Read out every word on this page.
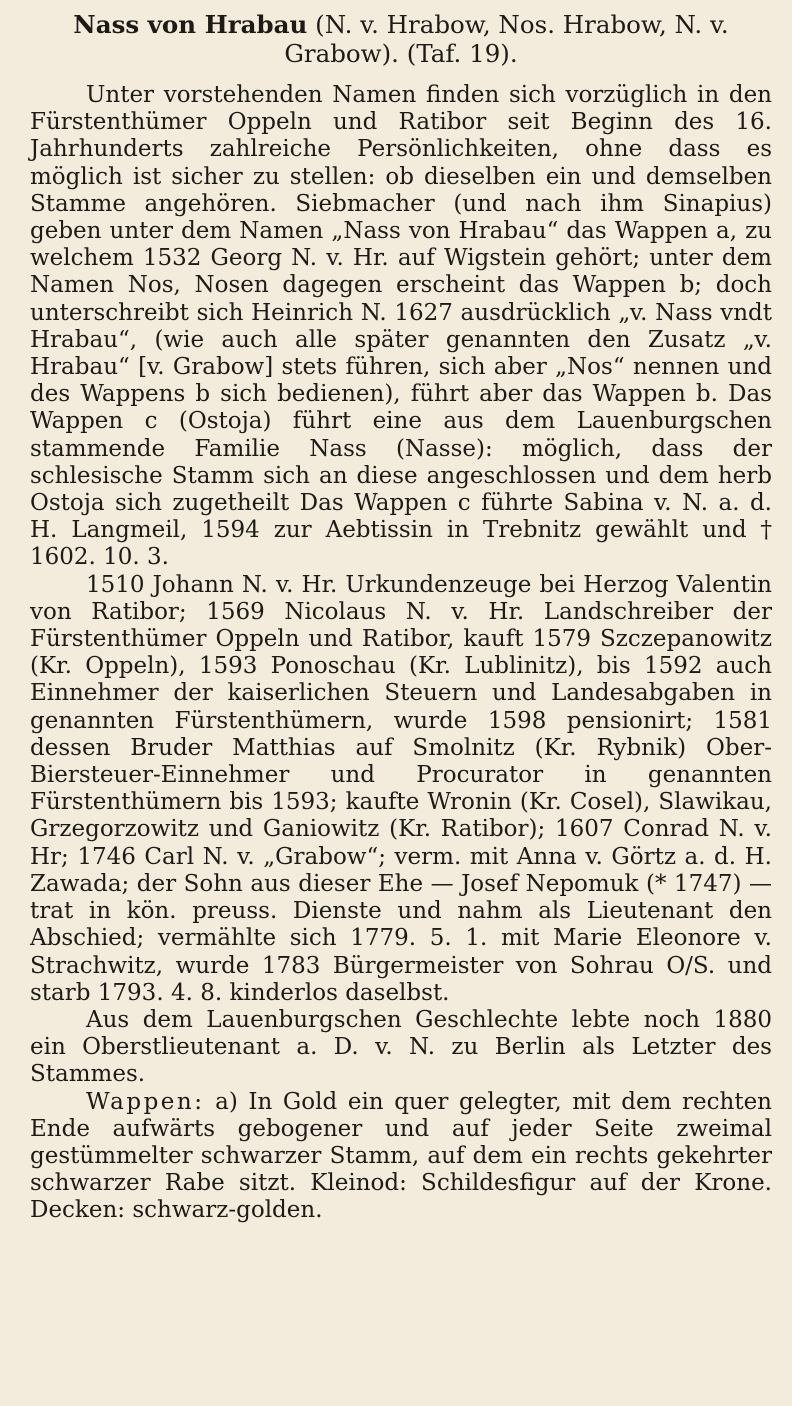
Nass von Hrabau (N. v. Hrabow, Nos. Hrabow, N. v. Grabow). (Taf. 19).

Unter vorstehenden Namen finden sich vorzüglich in den Fürstenthümer Oppeln und Ratibor seit Beginn des 16. Jahrhunderts zahlreiche Persönlichkeiten, ohne dass es möglich ist sicher zu stellen: ob dieselben ein und demselben Stamme angehören. Siebmacher (und nach ihm Sinapius) geben unter dem Namen „Nass von Hrabau“ das Wappen a, zu welchem 1532 Georg N. v. Hr. auf Wigstein gehört; unter dem Namen Nos, Nosen dagegen erscheint das Wappen b; doch unterschreibt sich Heinrich N. 1627 ausdrücklich „v. Nass vndt Hrabau“, (wie auch alle später genannten den Zusatz „v. Hrabau“ [v. Grabow] stets führen, sich aber „Nos“ nennen und des Wappens b sich bedienen), führt aber das Wappen b. Das Wappen c (Ostoja) führt eine aus dem Lauenburgschen stammende Familie Nass (Nasse): möglich, dass der schlesische Stamm sich an diese angeschlossen und dem herb Ostoja sich zugetheilt Das Wappen c führte Sabina v. N. a. d. H. Langmeil, 1594 zur Aebtissin in Trebnitz gewählt und † 1602. 10. 3.

1510 Johann N. v. Hr. Urkundenzeuge bei Herzog Valentin von Ratibor; 1569 Nicolaus N. v. Hr. Landschreiber der Fürstenthümer Oppeln und Ratibor, kauft 1579 Szczepanowitz (Kr. Oppeln), 1593 Ponoschau (Kr. Lublinitz), bis 1592 auch Einnehmer der kaiserlichen Steuern und Landesabgaben in genannten Fürstenthümern, wurde 1598 pensionirt; 1581 dessen Bruder Matthias auf Smolnitz (Kr. Rybnik) Ober-Biersteuer-Einnehmer und Procurator in genannten Fürstenthümern bis 1593; kaufte Wronin (Kr. Cosel), Slawikau, Grzegorzowitz und Ganiowitz (Kr. Ratibor); 1607 Conrad N. v. Hr; 1746 Carl N. v. „Grabow“; verm. mit Anna v. Görtz a. d. H. Zawada; der Sohn aus dieser Ehe — Josef Nepomuk (* 1747) — trat in kön. preuss. Dienste und nahm als Lieutenant den Abschied; vermählte sich 1779. 5. 1. mit Marie Eleonore v. Strachwitz, wurde 1783 Bürgermeister von Sohrau O/S. und starb 1793. 4. 8. kinderlos daselbst.

Aus dem Lauenburgschen Geschlechte lebte noch 1880 ein Oberstlieutenant a. D. v. N. zu Berlin als Letzter des Stammes.

Wappen: a) In Gold ein quer gelegter, mit dem rechten Ende aufwärts gebogener und auf jeder Seite zweimal gestümmelter schwarzer Stamm, auf dem ein rechts gekehrter schwarzer Rabe sitzt. Kleinod: Schildesfigur auf der Krone. Decken: schwarz-golden.
